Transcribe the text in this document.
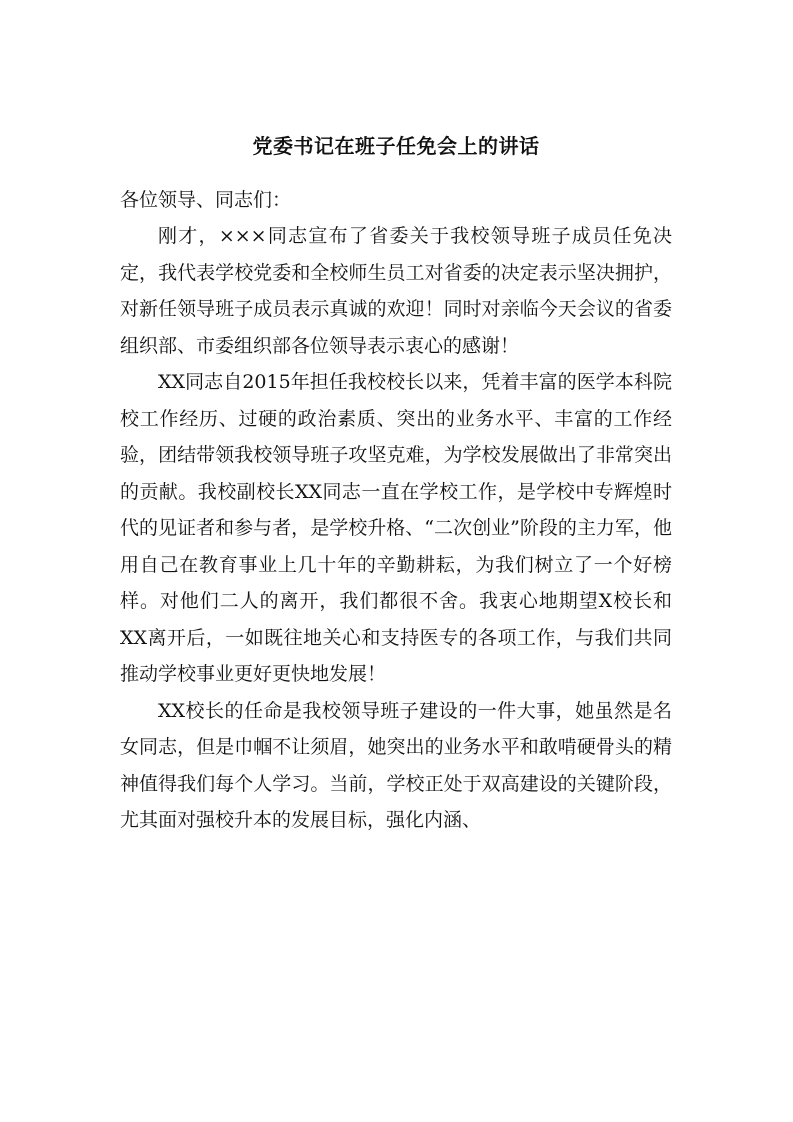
党委书记在班子任免会上的讲话

各位领导、同志们：

刚才，×××同志宣布了省委关于我校领导班子成员任免决定，我代表学校党委和全校师生员工对省委的决定表示坚决拥护，对新任领导班子成员表示真诚的欢迎！同时对亲临今天会议的省委组织部、市委组织部各位领导表示衷心的感谢！

XX同志自2015年担任我校校长以来，凭着丰富的医学本科院校工作经历、过硬的政治素质、突出的业务水平、丰富的工作经验，团结带领我校领导班子攻坚克难，为学校发展做出了非常突出的贡献。我校副校长XX同志一直在学校工作，是学校中专辉煌时代的见证者和参与者，是学校升格、“二次创业”阶段的主力军，他用自己在教育事业上几十年的辛勤耕耘，为我们树立了一个好榜样。对他们二人的离开，我们都很不舍。我衷心地期望X校长和XX离开后，一如既往地关心和支持医专的各项工作，与我们共同推动学校事业更好更快地发展！

XX校长的任命是我校领导班子建设的一件大事，她虽然是名女同志，但是巾帼不让须眉，她突出的业务水平和敢啃硬骨头的精神值得我们每个人学习。当前，学校正处于双高建设的关键阶段，尤其面对强校升本的发展目标，强化内涵、
